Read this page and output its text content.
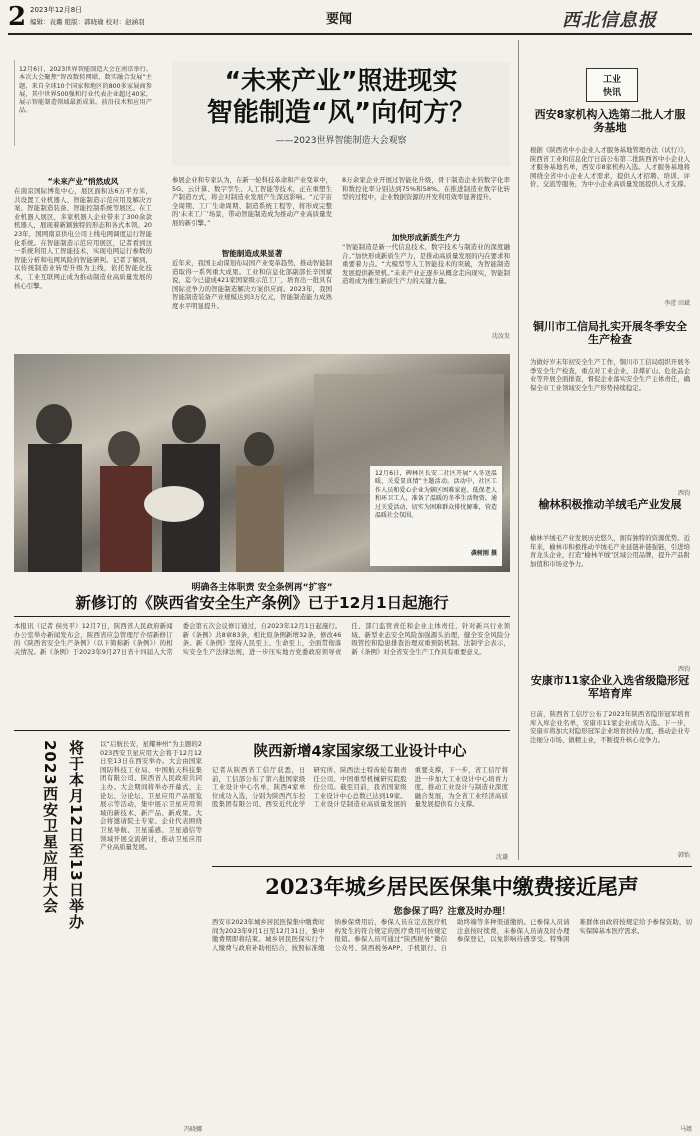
2 2023年12月8日
编辑：袁璐 组版：郭晓瑜 校对：赵涵羽	要闻	西北信息报
12月6日，2023世界智能制造大会在南京举行。本次大会聚焦“智改数转网联、数实融合发展”主题，来自全球10个国家和地区的800多家展商参展，其中世界500强和行业代表企业超过40家，展示智能制造领域最新成果。前沿技术和应用产品。
“未来产业”照进现实
智能制造“风”向何方？
——2023世界智能制造大会观察
“未来产业”悄然成风
在南京国际博览中心，展区面积达6万平方米，共设置工业机器人、智能制造示范应用及解决方案、智能制造装备、智能控制系统等展区。在工业机器人展区，多家机器人企业带来了300余款机器人，展现着新颖独特的形态和各式本领。2023年，国网南京供电公司上线电网调度运行智能化系统。在智能制造示范应用展区，记者看到这一系统利用人工智能技术，实现电网运行参数的智能分析和电网风险的智能研判。记者了解到，以传统制造业转型升级为主线，依托智能化技术，工业互联网正成为推动制造业高质量发展的核心引擎。
参展企业和专家认为，在新一轮科技革命和产业变革中，5G、云计算、数字孪生、人工智能等技术，正在重塑生产制造方式，将会对制造业发展产生深远影响。“元宇宙全周期、工厂生命周期、制造系统工程等，将形成完整的‘未来工厂’场景，带动智能制造成为推动产业高质量发展的新引擎。”
智能制造成果显著
近年来，我国主动谋划布局国产业变革趋势，推动智能制造取得一系列重大成果。工业和信息化部副部长辛国斌说，迄今已建成421家国家级示范工厂，培育出一批具有国际竞争力的智能制造解决方案供应商。2023年，我国智能制造装备产业规模达到3万亿元，智能制造能力成熟度水平明显提升。
8万余家企业开展过智能化升级，骨干制造企业的数字化率和数控化率分别达到75%和58%。在推进制造业数字化转型的过程中，企业数据资源的开发利用效率显著提升。
加快形成新质生产力
“智能制造是新一代信息技术、数字技术与制造业的深度融合。”加快形成新质生产力，是推动高质量发展的内在要求和重要着力点。“大模型等人工智能技术的突破，为智能制造发展提供新契机。”未来产业正逐步从概念走向现实，智能制造将成为催生新质生产力的关键力量。
沈汝发
12月6日，碑林区长安二社区开展“入冬送温暖，关爱显真情”主题活动。活动中，社区工作人员和爱心企业为辖区困难家庭、低保老人和环卫工人，准备了温暖的冬季生活物资。通过关爱活动，切实为困难群众排忧解难，营造温暖社会氛围。
袭树刚 摄
明确各主体职责 安全条例再“扩容”
新修订的《陕西省安全生产条例》已于12月1日起施行
本报讯（记者 侯亮平）12月7日，陕西省人民政府新闻办公室举办新闻发布会，陕西省应急管理厅介绍新修订的《陕西省安全生产条例》（以下简称新《条例》）的相关情况。新《条例》于2023年9月27日省十四届人大常委会第五次会议修订通过，自2023年12月1日起施行。新《条例》共8章83条，相比原条例新增32条，修改46条。新《条例》坚持人民至上、生命至上，全面贯彻落实安全生产法律法规，进一步压实地方党委政府领导责任、部门监管责任和企业主体责任，针对新兴行业领域、新型业态安全风险加强源头治理，健全安全风险分级管控和隐患排查治理双重预防机制。法制学会表示，新《条例》对全省安全生产工作具有重要意义。
将于本月12日至13日举办
2023西安卫星应用大会	以“启航长安，星耀神州”为主题的2023西安卫星应用大会将于12月12日至13日在西安举办。大会由国家国防科技工业局、中国航天科技集团有限公司、陕西省人民政府共同主办。大会期间将举办开幕式、主论坛、分论坛、卫星应用产品展览展示等活动，集中展示卫星应用领域的新技术、新产品、新成果。大会将邀请院士专家、企业代表围绕卫星导航、卫星遥感、卫星通信等领域开展交流研讨，推动卫星应用产业高质量发展。
冯晓娜
陕西新增4家国家级工业设计中心
记者从陕西省工信厅获悉，日前，工信部公布了第六批国家级工业设计中心名单，陕西4家单位成功入选，分别为陕西汽车控股集团有限公司、西安近代化学研究所、陕西法士特齿轮有限责任公司、中国重型机械研究院股份公司。截至目前，我省国家级工业设计中心总数已达到19家。工业设计是制造业高质量发展的重要支撑，下一步，省工信厅将进一步加大工业设计中心培育力度，推动工业设计与制造业深度融合发展，为全省工业经济高质量发展提供有力支撑。
沈谦
2023年城乡居民医保集中缴费接近尾声
您参保了吗？注意及时办理！
西安市2023年城乡居民医保集中缴费时间为2023年9月1日至12月31日，集中缴费期即将结束。城乡居民医保实行个人缴费与政府补助相结合，按照标准缴纳参保费用后，参保人员在定点医疗机构发生的符合规定的医疗费用可按规定报销。参保人员可通过“陕西税务”微信公众号、陕西税务APP、手机银行、自助终端等多种渠道缴纳。已参保人员请注意按时续费，未参保人员请及时办理参保登记，以免影响待遇享受。特殊困难群体由政府按规定给予参保资助，切实保障基本医疗需求。
马姐
工业
快讯
西安8家机构入选第二批人才服务基地
根据《陕西省中小企业人才服务基地管理办法（试行）》，陕西省工业和信息化厅日前公布第二批陕西省中小企业人才服务基地名单，西安市8家机构入选。人才服务基地将围绕全省中小企业人才需求，提供人才招聘、培训、评价、交流等服务，为中小企业高质量发展提供人才支撑。
李滢 田斌
铜川市工信局扎实开展冬季安全生产检查
为做好岁末年初安全生产工作，铜川市工信局组织开展冬季安全生产检查，重点对工业企业、非煤矿山、危化品企业等开展全面排查，督促企业落实安全生产主体责任，确保全市工业领域安全生产形势持续稳定。
西钧
榆林积极推动羊绒毛产业发展
榆林羊绒毛产业发展历史悠久，拥有独特的资源优势。近年来，榆林市积极推动羊绒毛产业延链补链强链，引进培育龙头企业，打造“榆林羊绒”区域公用品牌，提升产品附加值和市场竞争力。
西钧
安康市11家企业入选省级隐形冠军培育库
日前，陕西省工信厅公布了2023年陕西省隐形冠军培育库入库企业名单，安康市11家企业成功入选。下一步，安康市将加大对隐形冠军企业培育扶持力度，推动企业专注细分市场、做精主业，不断提升核心竞争力。
韩怡
